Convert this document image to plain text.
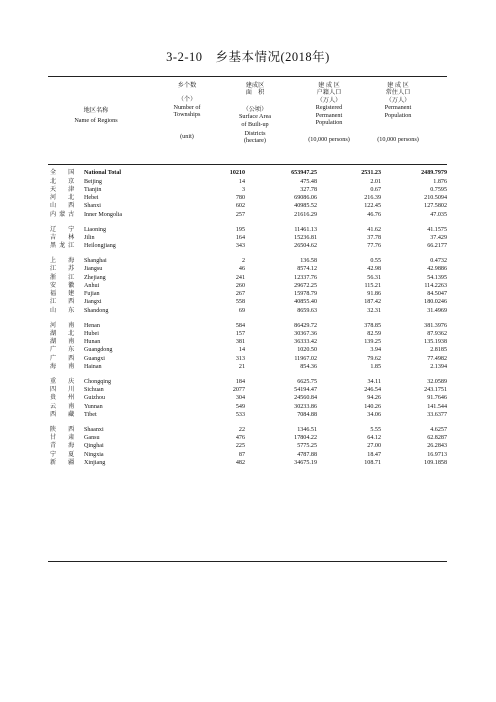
3-2-10　乡基本情况(2018年)
地区名称
Name of Regions
乡个数
（个）
Number of
Townships
(unit)
建成区
面　积
（公顷）
Surface Area
of Built-up
Districts
(hectare)
建 成 区
户籍人口
（万人）
Registered
Permanent
Population
(10,000 persons)
建 成 区
常住人口
（万人）
Permanent
Population
(10,000 persons)
全　国	National Total	10210	653947.25	2531.23	2489.7979
北　京	Beijing	14	475.48	2.01	1.876
天　津	Tianjin	3	327.78	0.67	0.7595
河　北	Hebei	780	69086.06	216.39	210.5094
山　西	Shanxi	602	40985.52	122.45	127.5802
内蒙古	Inner Mongolia	257	21616.29	46.76	47.035

辽　宁	Liaoning	195	11461.13	41.62	41.1575
吉　林	Jilin	164	15236.81	37.78	37.429
黑龙江	Heilongjiang	343	26504.62	77.76	66.2177

上　海	Shanghai	2	136.58	0.55	0.4732
江　苏	Jiangsu	46	8574.12	42.98	42.9886
浙　江	Zhejiang	241	12337.76	56.31	54.1395
安　徽	Anhui	260	29672.25	115.21	114.2263
福　建	Fujian	267	15978.79	91.86	84.5047
江　西	Jiangxi	558	40855.40	187.42	180.0246
山　东	Shandong	69	8659.63	32.31	31.4969

河　南	Henan	584	86429.72	378.85	381.3976
湖　北	Hubei	157	30367.36	82.59	87.9362
湖　南	Hunan	381	36333.42	139.25	135.1938
广　东	Guangdong	14	1020.50	3.94	2.8185
广　西	Guangxi	313	11967.02	79.62	77.4982
海　南	Hainan	21	854.36	1.85	2.1394

重　庆	Chongqing	184	6625.75	34.11	32.0589
四　川	Sichuan	2077	54194.47	246.54	243.1751
贵　州	Guizhou	304	24560.84	94.26	91.7646
云　南	Yunnan	549	30233.86	140.26	141.544
西　藏	Tibet	533	7084.88	34.06	33.6377

陕　西	Shaanxi	22	1346.51	5.55	4.6257
甘　肃	Gansu	476	17804.22	64.12	62.8287
青　海	Qinghai	225	5775.25	27.00	26.2843
宁　夏	Ningxia	87	4787.88	18.47	16.9713
新　疆	Xinjiang	482	34675.19	108.71	109.1858
